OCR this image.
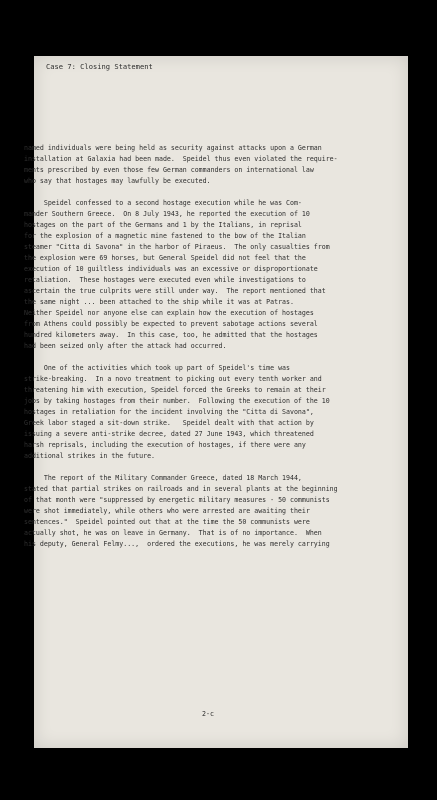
Case 7: Closing Statement
named individuals were being held as security against attacks upon a German
installation at Galaxia had been made.  Speidel thus even violated the require-
ments prescribed by even those few German commanders on international law
who say that hostages may lawfully be executed.
Speidel confessed to a second hostage execution while he was Com-
mander Southern Greece.  On 8 July 1943, he reported the execution of 10
hostages on the part of the Germans and 1 by the Italians, in reprisal
for the explosion of a magnetic mine fastened to the bow of the Italian
steamer "Citta di Savona" in the harbor of Piraeus.  The only casualties from
the explosion were 69 horses, but General Speidel did not feel that the
execution of 10 guiltless individuals was an excessive or disproportionate
retaliation.  These hostages were executed even while investigations to
ascertain the true culprits were still under way.  The report mentioned that
the same night ... been attached to the ship while it was at Patras.
Neither Speidel nor anyone else can explain how the execution of hostages
from Athens could possibly be expected to prevent sabotage actions several
hundred kilometers away.  In this case, too, he admitted that the hostages
had been seized only after the attack had occurred.
One of the activities which took up part of Speidel's time was
strike-breaking.  In a novo treatment to picking out every tenth worker and
threatening him with execution, Speidel forced the Greeks to remain at their
jobs by taking hostages from their number.  Following the execution of the 10
hostages in retaliation for the incident involving the "Citta di Savona",
Greek labor staged a sit-down strike.   Speidel dealt with that action by
issuing a severe anti-strike decree, dated 27 June 1943, which threatened
harsh reprisals, including the execution of hostages, if there were any
additional strikes in the future.
The report of the Military Commander Greece, dated 18 March 1944,
stated that partial strikes on railroads and in several plants at the beginning
of that month were "suppressed by energetic military measures - 50 communists
were shot immediately, while others who were arrested are awaiting their
sentences."  Speidel pointed out that at the time the 50 communists were
actually shot, he was on leave in Germany.  That is of no importance.  When
his deputy, General Felmy...,  ordered the executions, he was merely carrying
2-c
